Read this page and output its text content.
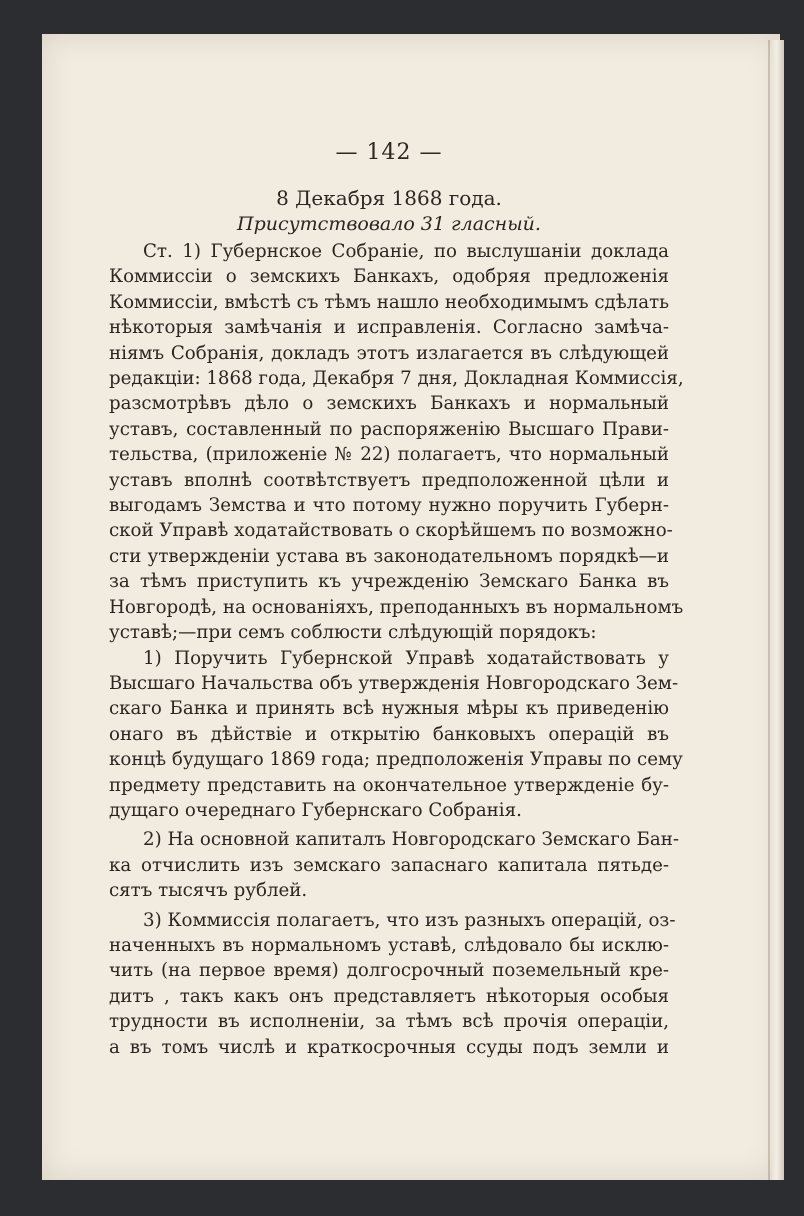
— 142 —
8 Декабря 1868 года.
Присутствовало 31 гласный.
Ст. 1) Губернское Собраніе, по выслушаніи доклада
Коммиссіи о земскихъ Банкахъ, одобряя предложенія
Коммиссіи, вмѣстѣ съ тѣмъ нашло необходимымъ сдѣлать
нѣкоторыя замѣчанія и исправленія. Согласно замѣча-
ніямъ Собранія, докладъ этотъ излагается въ слѣдующей
редакціи: 1868 года, Декабря 7 дня, Докладная Коммиссія,
разсмотрѣвъ дѣло о земскихъ Банкахъ и нормальный
уставъ, составленный по распоряженію Высшаго Прави-
тельства, (приложеніе № 22) полагаетъ, что нормальный
уставъ вполнѣ соотвѣтствуетъ предположенной цѣли и
выгодамъ Земства и что потому нужно поручить Губерн-
ской Управѣ ходатайствовать о скорѣйшемъ по возможно-
сти утвержденіи устава въ законодательномъ порядкѣ—и
за тѣмъ приступить къ учрежденію Земскаго Банка въ
Новгородѣ, на основаніяхъ, преподанныхъ въ нормальномъ
уставѣ;—при семъ соблюсти слѣдующій порядокъ:
1) Поручить Губернской Управѣ ходатайствовать у
Высшаго Начальства объ утвержденія Новгородскаго Зем-
скаго Банка и принять всѣ нужныя мѣры къ приведенію
онаго въ дѣйствіе и открытію банковыхъ операцій въ
концѣ будущаго 1869 года; предположенія Управы по сему
предмету представить на окончательное утвержденіе бу-
дущаго очереднаго Губернскаго Собранія.
2) На основной капиталъ Новгородскаго Земскаго Бан-
ка отчислить изъ земскаго запаснаго капитала пятьде-
сятъ тысячъ рублей.
3) Коммиссія полагаетъ, что изъ разныхъ операцій, оз-
наченныхъ въ нормальномъ уставѣ, слѣдовало бы исклю-
чить (на первое время) долгосрочный поземельный кре-
дитъ , такъ какъ онъ представляетъ нѣкоторыя особыя
трудности въ исполненіи, за тѣмъ всѣ прочія операціи,
а въ томъ числѣ и краткосрочныя ссуды подъ земли и
